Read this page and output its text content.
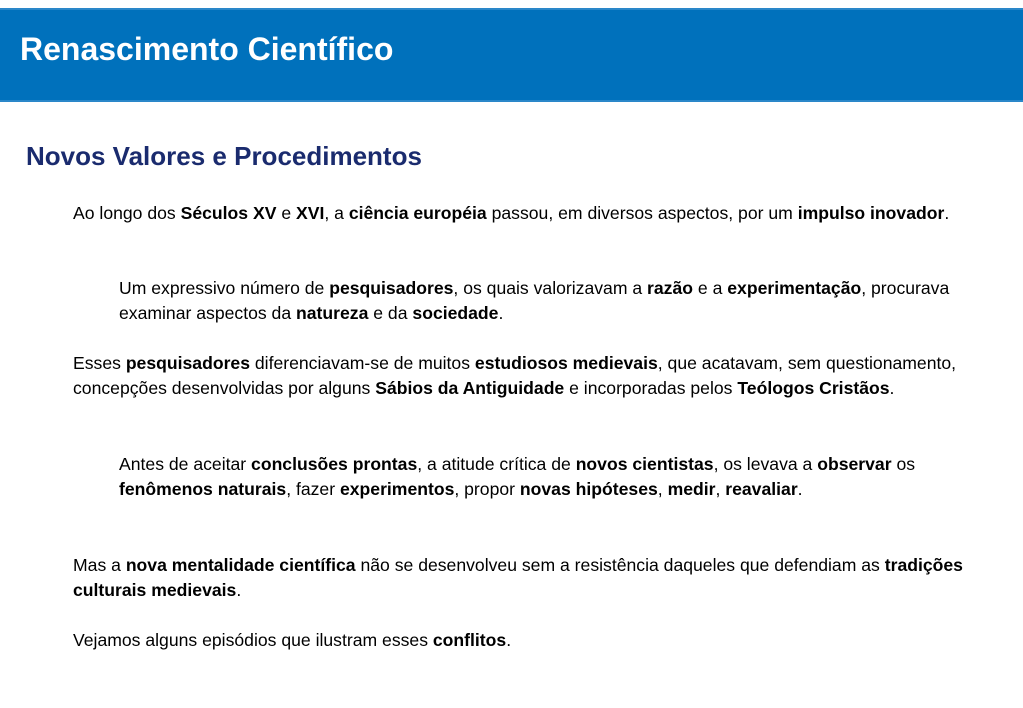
Renascimento Científico
Novos Valores e Procedimentos

Ao longo dos Séculos XV e XVI, a ciência européia passou, em diversos aspectos, por um impulso inovador.

Um expressivo número de pesquisadores, os quais valorizavam a razão e a experimentação, procurava examinar aspectos da natureza e da sociedade.

Esses pesquisadores diferenciavam-se de muitos estudiosos medievais, que acatavam, sem questionamento, concepções desenvolvidas por alguns Sábios da Antiguidade e incorporadas pelos Teólogos Cristãos.

Antes de aceitar conclusões prontas, a atitude crítica de novos cientistas, os levava a observar os fenômenos naturais, fazer experimentos, propor novas hipóteses, medir, reavaliar.

Mas a nova mentalidade científica não se desenvolveu sem a resistência daqueles que defendiam as tradições culturais medievais.

Vejamos alguns episódios que ilustram esses conflitos.
